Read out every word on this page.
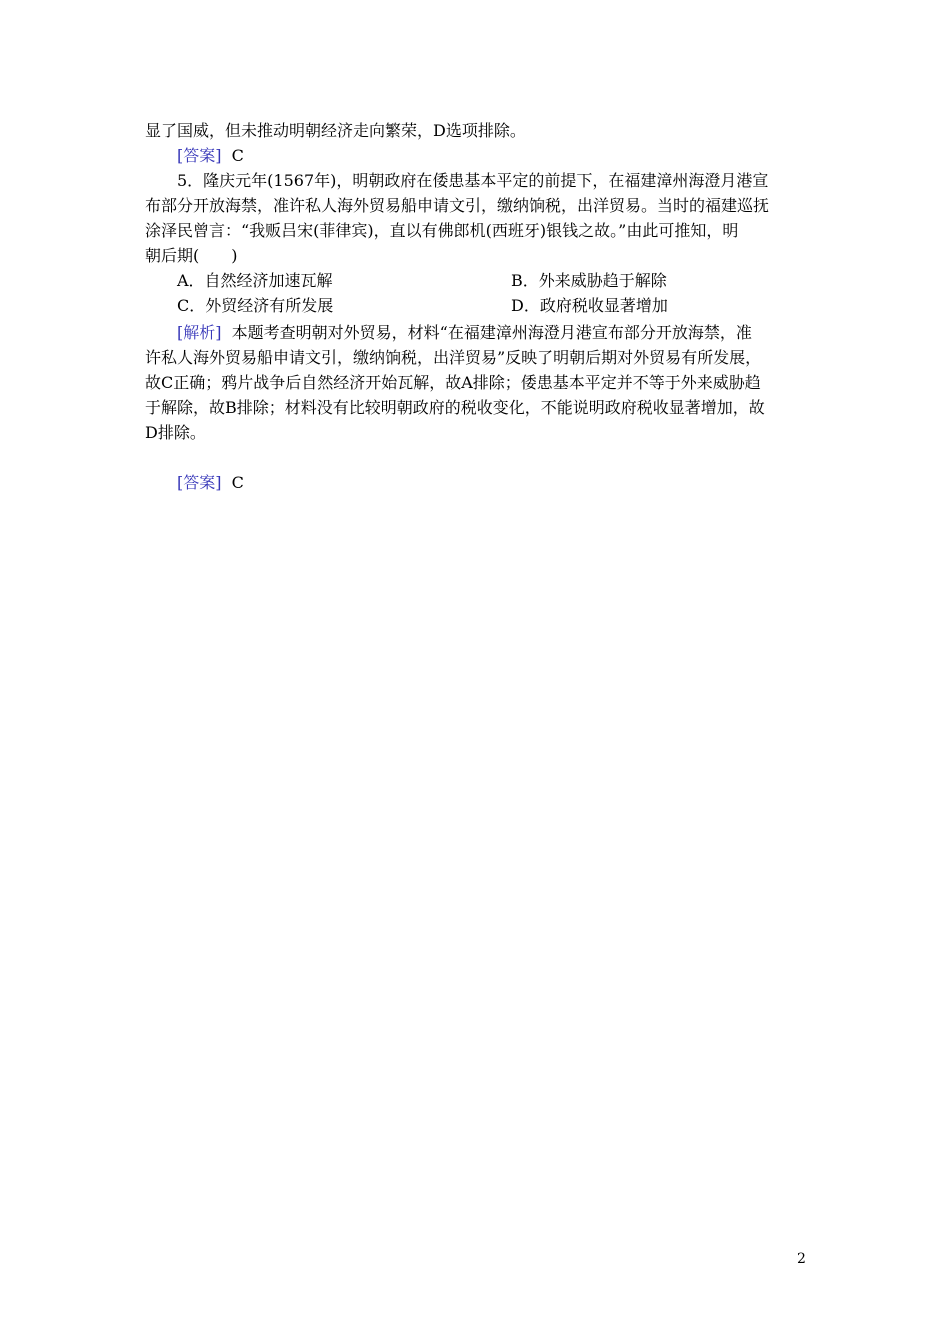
显了国威，但未推动明朝经济走向繁荣，D选项排除。
[答案] C
5．隆庆元年(1567年)，明朝政府在倭患基本平定的前提下，在福建漳州海澄月港宣
布部分开放海禁，准许私人海外贸易船申请文引，缴纳饷税，出洋贸易。当时的福建巡抚
涂泽民曾言：“我贩吕宋(菲律宾)，直以有佛郎机(西班牙)银钱之故。”由此可推知，明
朝后期(　　)
A．自然经济加速瓦解	B．外来威胁趋于解除
C．外贸经济有所发展	D．政府税收显著增加
[解析] 本题考查明朝对外贸易，材料“在福建漳州海澄月港宣布部分开放海禁，准
许私人海外贸易船申请文引，缴纳饷税，出洋贸易”反映了明朝后期对外贸易有所发展，
故C正确；鸦片战争后自然经济开始瓦解，故A排除；倭患基本平定并不等于外来威胁趋
于解除，故B排除；材料没有比较明朝政府的税收变化，不能说明政府税收显著增加，故
D排除。
[答案] C
2
